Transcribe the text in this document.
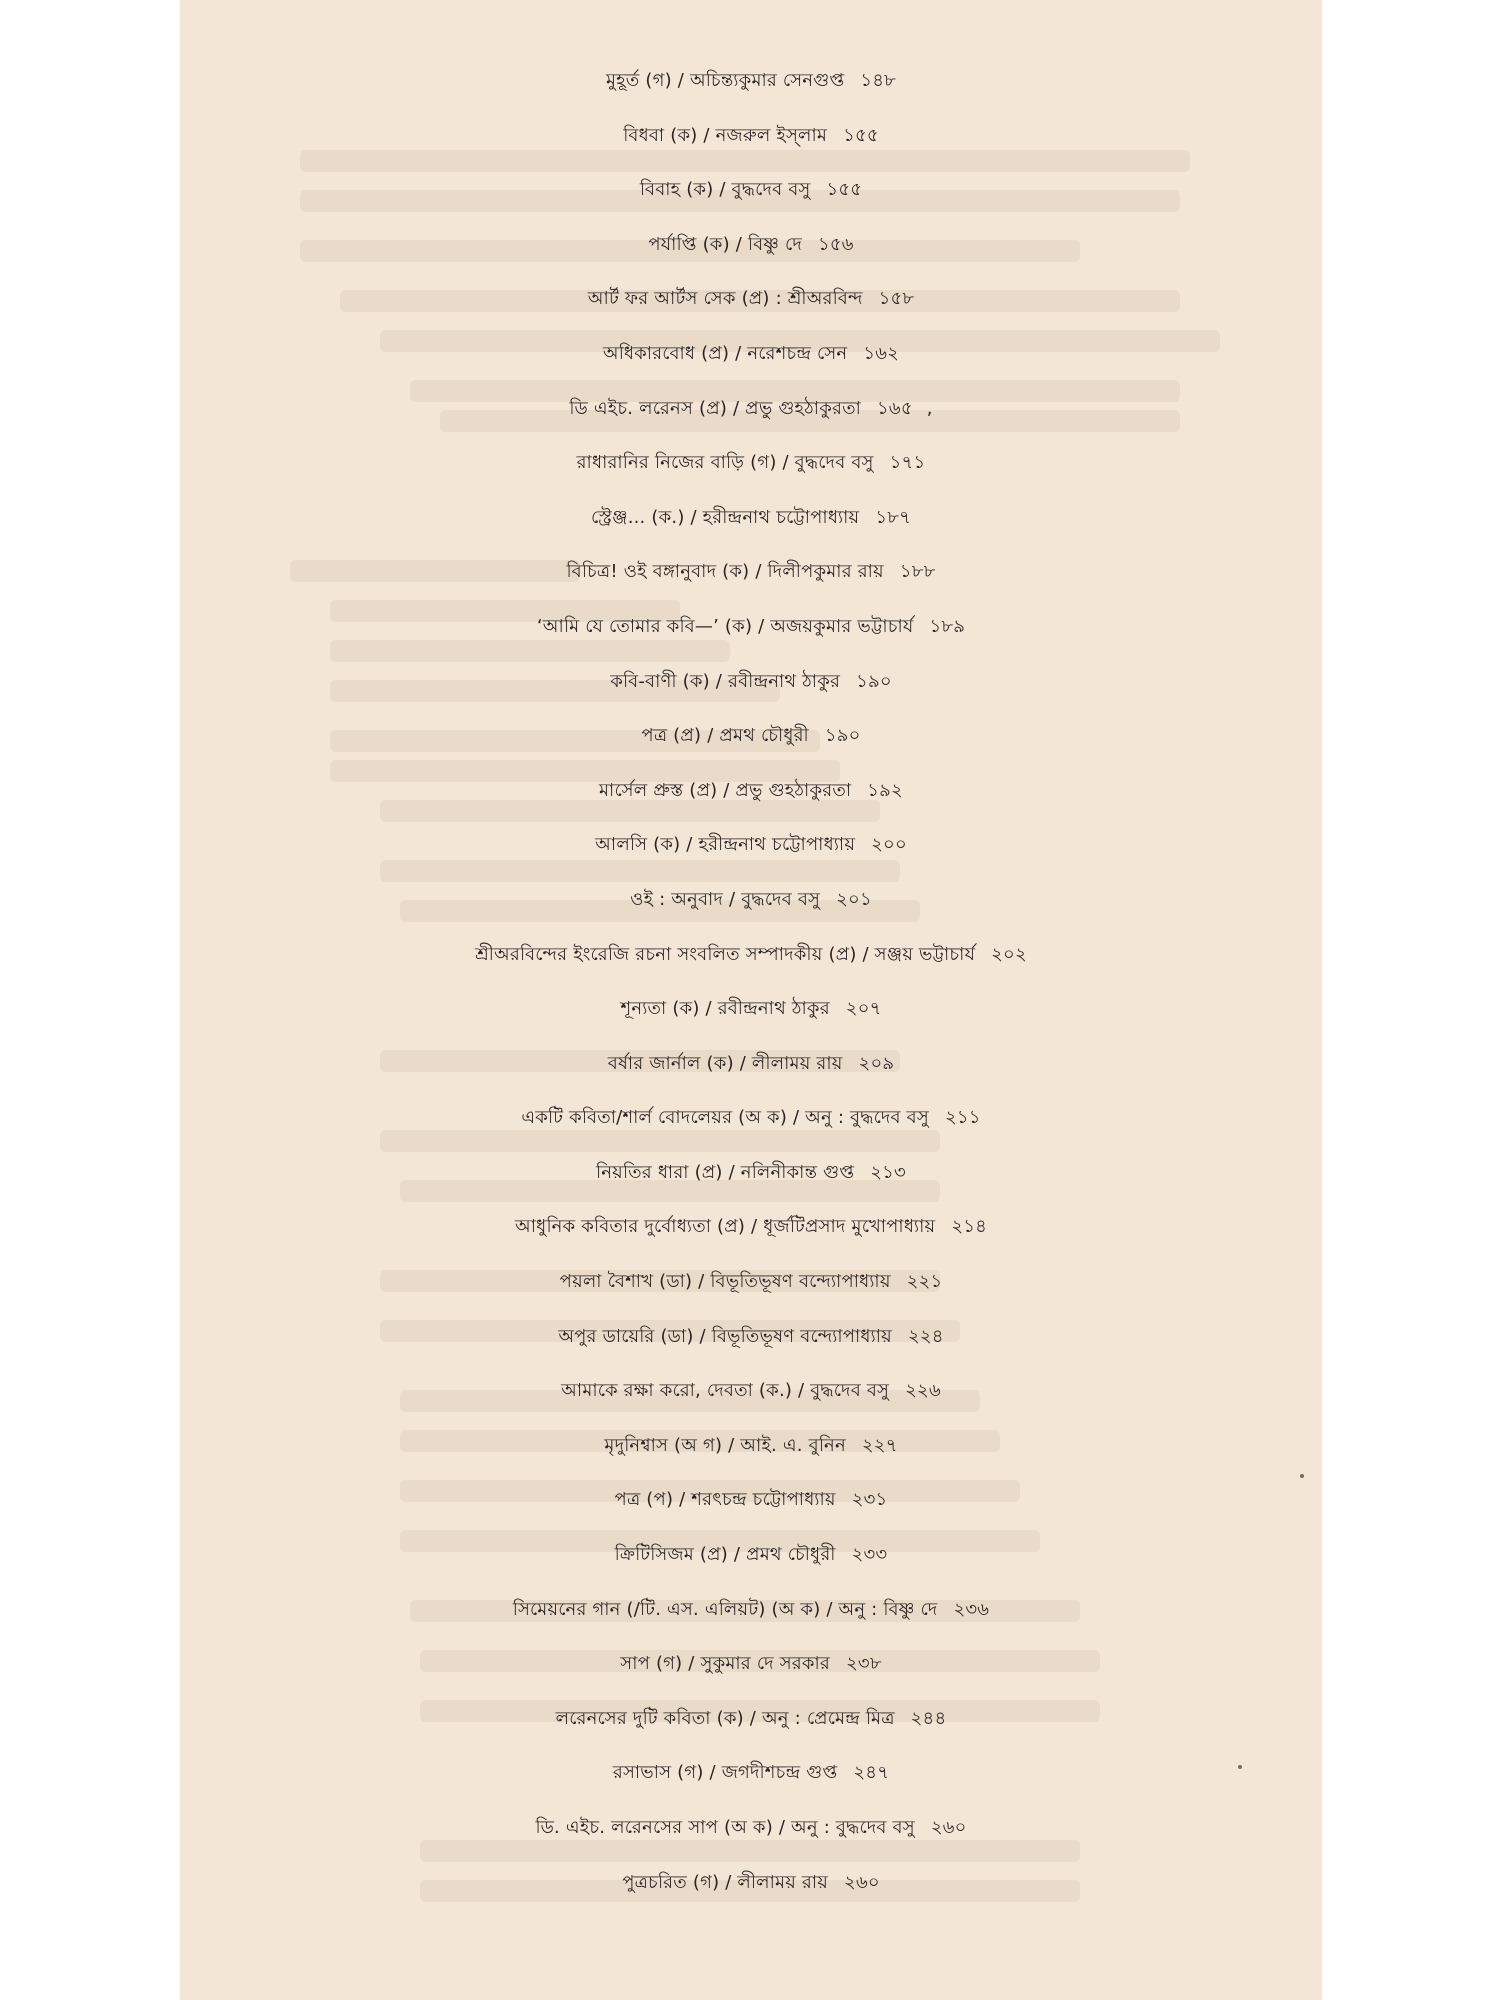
মুহূর্ত (গ) / অচিন্ত্যকুমার সেনগুপ্ত ১৪৮
বিধবা (ক) / নজরুল ইস্‌লাম ১৫৫
বিবাহ (ক) / বুদ্ধদেব বসু ১৫৫
পর্যাপ্তি (ক) / বিষ্ণু দে ১৫৬
আর্ট ফর আর্টস সেক (প্র) : শ্রীঅরবিন্দ ১৫৮
অধিকারবোধ (প্র) / নরেশচন্দ্র সেন ১৬২
ডি এইচ. লরেনস (প্র) / প্রভু গুহঠাকুরতা ১৬৫ ,
রাধারানির নিজের বাড়ি (গ) / বুদ্ধদেব বসু ১৭১
স্ট্রেঞ্জ... (ক.) / হরীন্দ্রনাথ চট্টোপাধ্যায় ১৮৭
বিচিত্র! ওই বঙ্গানুবাদ (ক) / দিলীপকুমার রায় ১৮৮
‘আমি যে তোমার কবি—’ (ক) / অজয়কুমার ভট্টাচার্য ১৮৯
কবি-বাণী (ক) / রবীন্দ্রনাথ ঠাকুর ১৯০
পত্র (প্র) / প্রমথ চৌধুরী ১৯০
মার্সেল প্রুস্ত (প্র) / প্রভু গুহঠাকুরতা ১৯২
আলসি (ক) / হরীন্দ্রনাথ চট্টোপাধ্যায় ২০০
ওই : অনুবাদ / বুদ্ধদেব বসু ২০১
শ্রীঅরবিন্দের ইংরেজি রচনা সংবলিত সম্পাদকীয় (প্র) / সঞ্জয় ভট্টাচার্য ২০২
শূন্যতা (ক) / রবীন্দ্রনাথ ঠাকুর ২০৭
বর্ষার জার্নাল (ক) / লীলাময় রায় ২০৯
একটি কবিতা/শার্ল বোদলেয়র (অ ক) / অনু : বুদ্ধদেব বসু ২১১
নিয়তির ধারা (প্র) / নলিনীকান্ত গুপ্ত ২১৩
আধুনিক কবিতার দুর্বোধ্যতা (প্র) / ধূর্জটিপ্রসাদ মুখোপাধ্যায় ২১৪
পয়লা বৈশাখ (ডা) / বিভূতিভূষণ বন্দ্যোপাধ্যায় ২২১
অপুর ডায়েরি (ডা) / বিভূতিভূষণ বন্দ্যোপাধ্যায় ২২৪
আমাকে রক্ষা করো, দেবতা (ক.) / বুদ্ধদেব বসু ২২৬
মৃদুনিশ্বাস (অ গ) / আই. এ. বুনিন ২২৭
পত্র (প) / শরৎচন্দ্র চট্টোপাধ্যায় ২৩১
ক্রিটিসিজম (প্র) / প্রমথ চৌধুরী ২৩৩
সিমেয়নের গান (/টি. এস. এলিয়ট) (অ ক) / অনু : বিষ্ণু দে ২৩৬
সাপ (গ) / সুকুমার দে সরকার ২৩৮
লরেনসের দুটি কবিতা (ক) / অনু : প্রেমেন্দ্র মিত্র ২৪৪
রসাভাস (গ) / জগদীশচন্দ্র গুপ্ত ২৪৭
ডি. এইচ. লরেনসের সাপ (অ ক) / অনু : বুদ্ধদেব বসু ২৬০
পুত্রচরিত (গ) / লীলাময় রায় ২৬০
